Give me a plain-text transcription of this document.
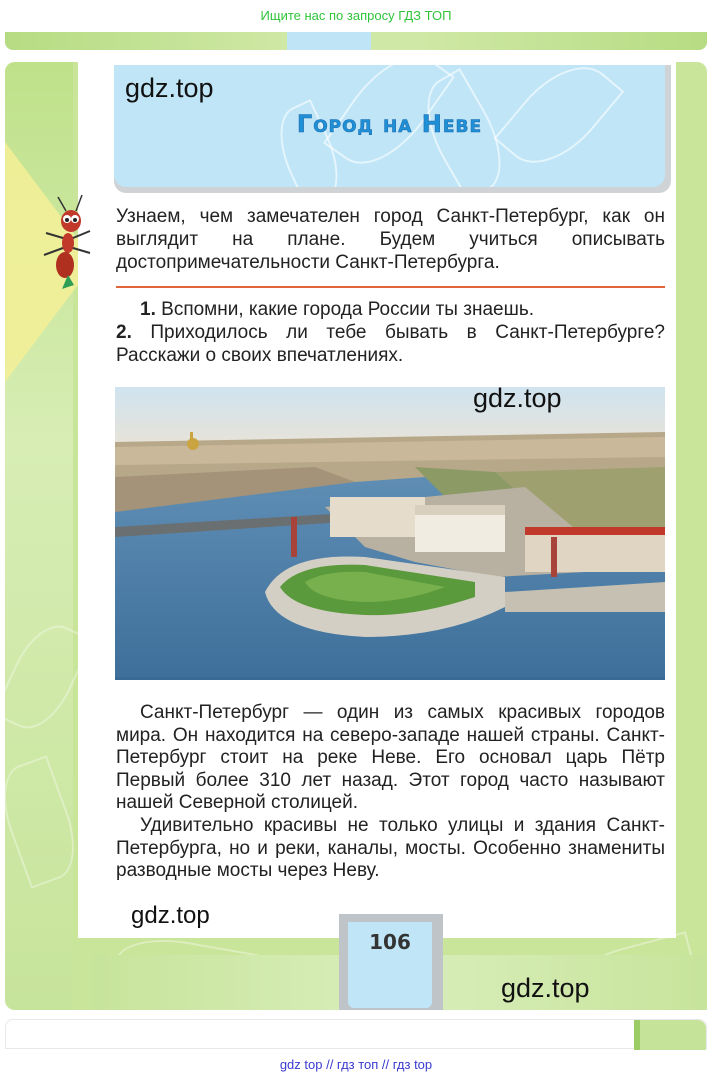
Ищите нас по запросу ГДЗ ТОП
Город на Неве
gdz.top
Узнаем, чем замечателен город Санкт-Петербург, как он выглядит на плане. Будем учиться описывать достопримечательности Санкт-Петербурга.

1. Вспомни, какие города России ты знаешь.

2. Приходилось ли тебе бывать в Санкт-Петербурге? Расскажи о своих впечатлениях.

gdz.top

Санкт-Петербург — один из самых красивых городов мира. Он находится на северо-западе нашей страны. Санкт-Петербург стоит на реке Неве. Его основал царь Пётр Первый более 310 лет назад. Этот город часто называют нашей Северной столицей.

Удивительно красивы не только улицы и здания Санкт-Петербурга, но и реки, каналы, мосты. Особенно знамениты разводные мосты через Неву.

gdz.top
106
gdz.top
gdz top // гдз топ // гдз top
